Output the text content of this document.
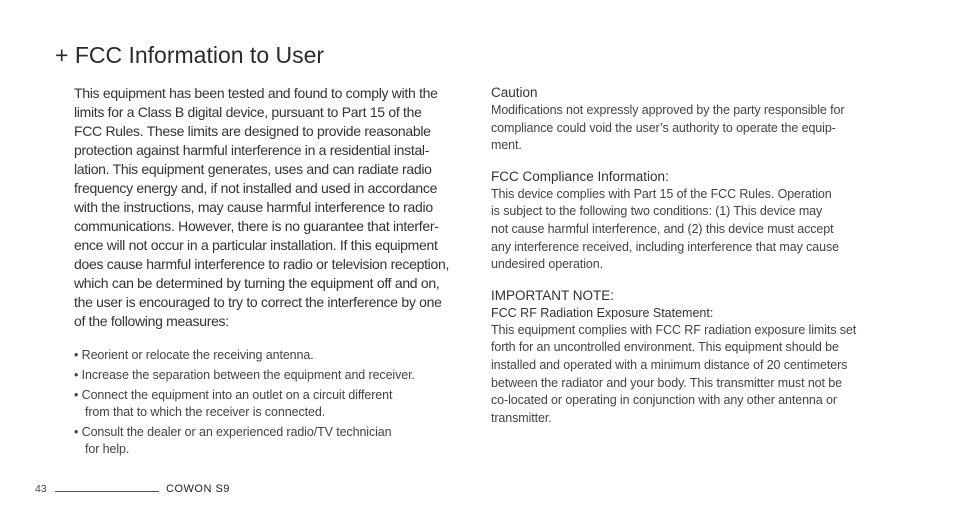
+ FCC Information to User

This equipment has been tested and found to comply with the
limits for a Class B digital device, pursuant to Part 15 of the
FCC Rules. These limits are designed to provide reasonable
protection against harmful interference in a residential instal-
lation. This equipment generates, uses and can radiate radio
frequency energy and, if not installed and used in accordance
with the instructions, may cause harmful interference to radio
communications. However, there is no guarantee that interfer-
ence will not occur in a particular installation. If this equipment
does cause harmful interference to radio or television reception,
which can be determined by turning the equipment off and on,
the user is encouraged to try to correct the interference by one
of the following measures:

• Reorient or relocate the receiving antenna.
• Increase the separation between the equipment and receiver.
• Connect the equipment into an outlet on a circuit different
from that to which the receiver is connected.
• Consult the dealer or an experienced radio/TV technician
for help.
Caution

Modifications not expressly approved by the party responsible for
compliance could void the user’s authority to operate the equip-
ment.

FCC Compliance Information:

This device complies with Part 15 of the FCC Rules. Operation
is subject to the following two conditions: (1) This device may
not cause harmful interference, and (2) this device must accept
any interference received, including interference that may cause
undesired operation.

IMPORTANT NOTE:

FCC RF Radiation Exposure Statement:

This equipment complies with FCC RF radiation exposure limits set
forth for an uncontrolled environment. This equipment should be
installed and operated with a minimum distance of 20 centimeters
between the radiator and your body. This transmitter must not be
co-located or operating in conjunction with any other antenna or
transmitter.

43	COWON S9
